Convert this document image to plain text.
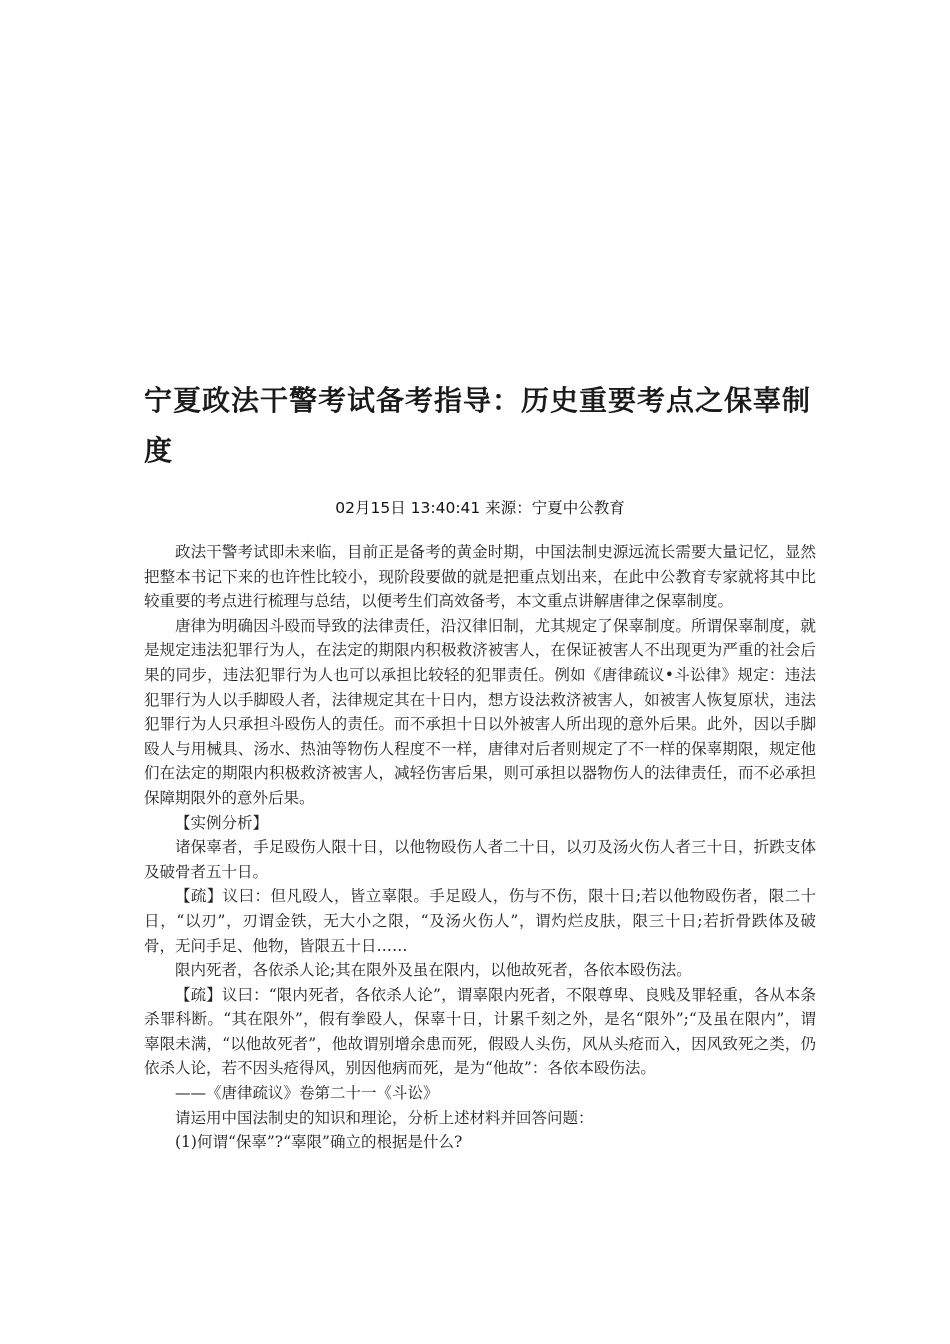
宁夏政法干警考试备考指导：历史重要考点之保辜制度
02月15日 13:40:41 来源：宁夏中公教育

政法干警考试即未来临，目前正是备考的黄金时期，中国法制史源远流长需要大量记忆，显然把整本书记下来的也许性比较小，现阶段要做的就是把重点划出来，在此中公教育专家就将其中比较重要的考点进行梳理与总结，以便考生们高效备考，本文重点讲解唐律之保辜制度。

唐律为明确因斗殴而导致的法律责任，沿汉律旧制，尤其规定了保辜制度。所谓保辜制度，就是规定违法犯罪行为人，在法定的期限内积极救济被害人，在保证被害人不出现更为严重的社会后果的同步，违法犯罪行为人也可以承担比较轻的犯罪责任。例如《唐律疏议•斗讼律》规定：违法犯罪行为人以手脚殴人者，法律规定其在十日内，想方设法救济被害人，如被害人恢复原状，违法犯罪行为人只承担斗殴伤人的责任。而不承担十日以外被害人所出现的意外后果。此外，因以手脚殴人与用械具、汤水、热油等物伤人程度不一样，唐律对后者则规定了不一样的保辜期限，规定他们在法定的期限内积极救济被害人，减轻伤害后果，则可承担以器物伤人的法律责任，而不必承担保障期限外的意外后果。

【实例分析】

诸保辜者，手足殴伤人限十日，以他物殴伤人者二十日，以刃及汤火伤人者三十日，折跌支体及破骨者五十日。

【疏】议曰：但凡殴人，皆立辜限。手足殴人，伤与不伤，限十日;若以他物殴伤者，限二十日，“以刃”，刃谓金铁，无大小之限，“及汤火伤人”，谓灼烂皮肤，限三十日;若折骨跌体及破骨，无问手足、他物，皆限五十日……

限内死者，各依杀人论;其在限外及虽在限内，以他故死者，各依本殴伤法。

【疏】议曰：“限内死者，各依杀人论”，谓辜限内死者，不限尊卑、良贱及罪轻重，各从本条杀罪科断。“其在限外”，假有拳殴人，保辜十日，计累千刻之外，是名“限外”;“及虽在限内”，谓辜限未满，“以他故死者”，他故谓别增余患而死，假殴人头伤，风从头疮而入，因风致死之类，仍依杀人论，若不因头疮得风，别因他病而死，是为“他故”：各依本殴伤法。

——《唐律疏议》卷第二十一《斗讼》

请运用中国法制史的知识和理论，分析上述材料并回答问题：

(1)何谓“保辜”?“辜限”确立的根据是什么?
